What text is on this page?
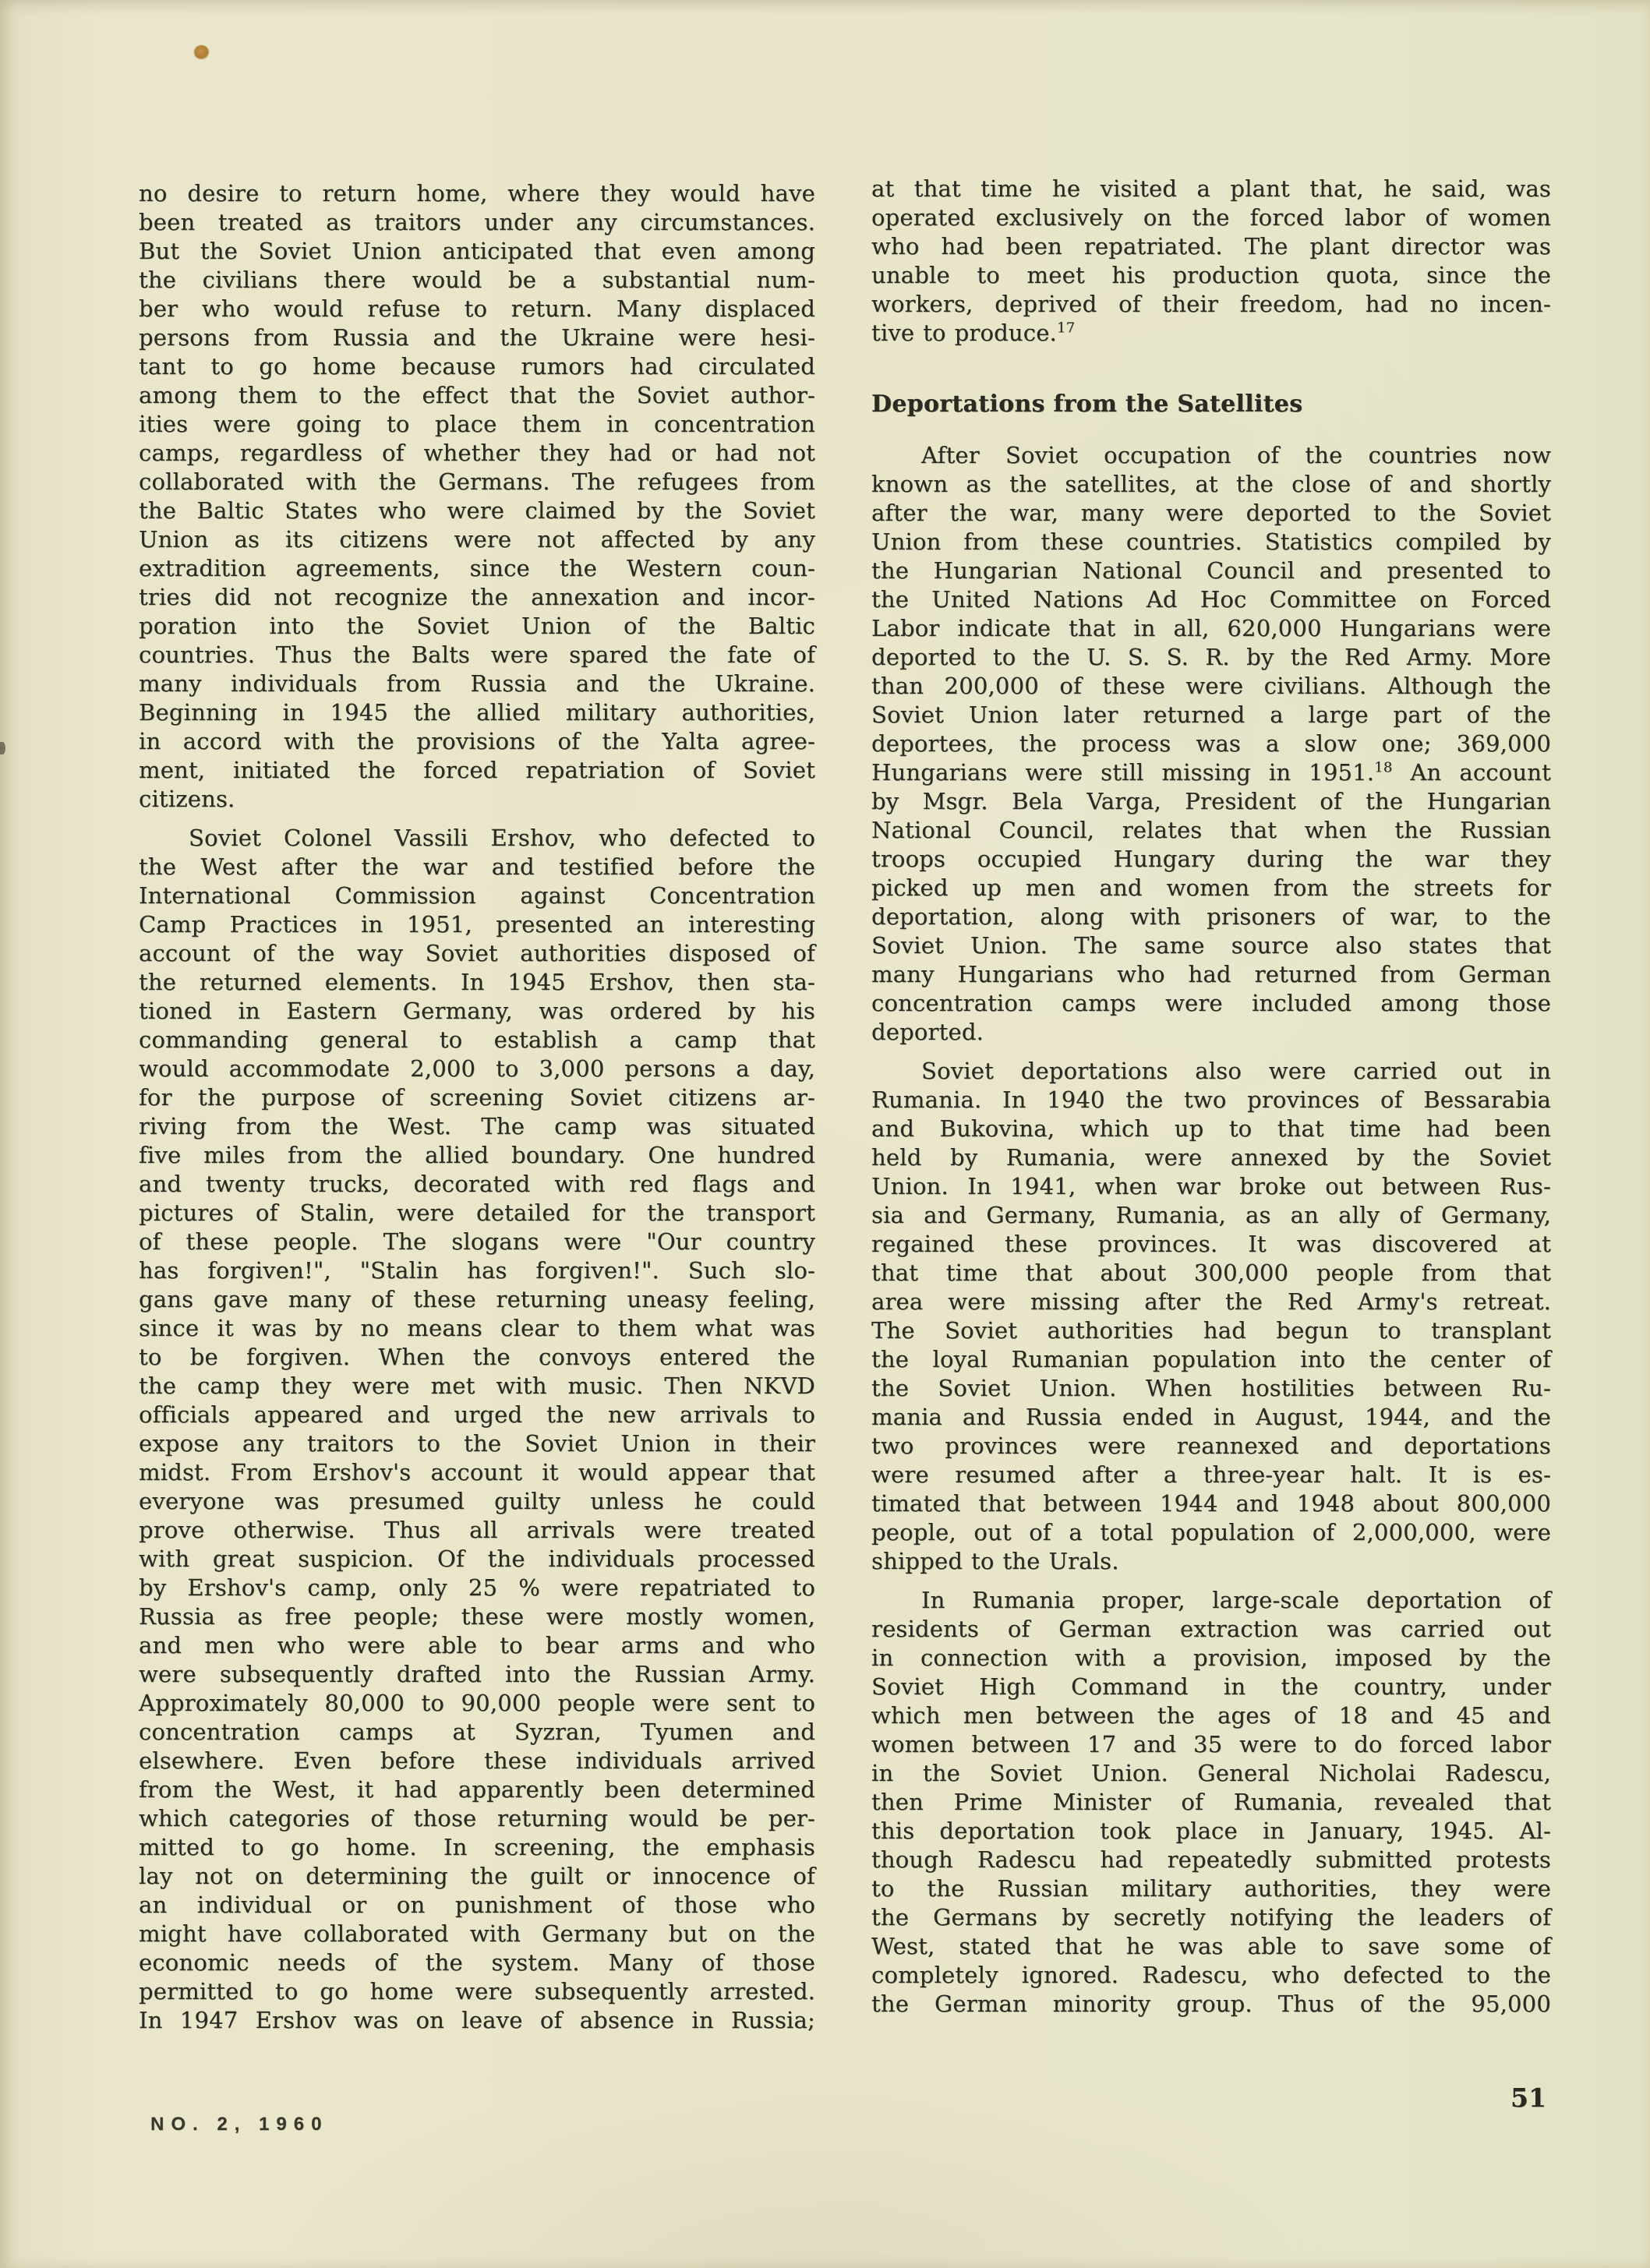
no desire to return home, where they would have
been treated as traitors under any circumstances.
But the Soviet Union anticipated that even among
the civilians there would be a substantial num-
ber who would refuse to return. Many displaced
persons from Russia and the Ukraine were hesi-
tant to go home because rumors had circulated
among them to the effect that the Soviet author-
ities were going to place them in concentration
camps, regardless of whether they had or had not
collaborated with the Germans. The refugees from
the Baltic States who were claimed by the Soviet
Union as its citizens were not affected by any
extradition agreements, since the Western coun-
tries did not recognize the annexation and incor-
poration into the Soviet Union of the Baltic
countries. Thus the Balts were spared the fate of
many individuals from Russia and the Ukraine.
Beginning in 1945 the allied military authorities,
in accord with the provisions of the Yalta agree-
ment, initiated the forced repatriation of Soviet
citizens.
Soviet Colonel Vassili Ershov, who defected to
the West after the war and testified before the
International Commission against Concentration
Camp Practices in 1951, presented an interesting
account of the way Soviet authorities disposed of
the returned elements. In 1945 Ershov, then sta-
tioned in Eastern Germany, was ordered by his
commanding general to establish a camp that
would accommodate 2,000 to 3,000 persons a day,
for the purpose of screening Soviet citizens ar-
riving from the West. The camp was situated
five miles from the allied boundary. One hundred
and twenty trucks, decorated with red flags and
pictures of Stalin, were detailed for the transport
of these people. The slogans were "Our country
has forgiven!", "Stalin has forgiven!". Such slo-
gans gave many of these returning uneasy feeling,
since it was by no means clear to them what was
to be forgiven. When the convoys entered the
the camp they were met with music. Then NKVD
officials appeared and urged the new arrivals to
expose any traitors to the Soviet Union in their
midst. From Ershov's account it would appear that
everyone was presumed guilty unless he could
prove otherwise. Thus all arrivals were treated
with great suspicion. Of the individuals processed
by Ershov's camp, only 25 % were repatriated to
Russia as free people; these were mostly women,
and men who were able to bear arms and who
were subsequently drafted into the Russian Army.
Approximately 80,000 to 90,000 people were sent to
concentration camps at Syzran, Tyumen and
elsewhere. Even before these individuals arrived
from the West, it had apparently been determined
which categories of those returning would be per-
mitted to go home. In screening, the emphasis
lay not on determining the guilt or innocence of
an individual or on punishment of those who
might have collaborated with Germany but on the
economic needs of the system. Many of those
permitted to go home were subsequently arrested.
In 1947 Ershov was on leave of absence in Russia;
at that time he visited a plant that, he said, was
operated exclusively on the forced labor of women
who had been repatriated. The plant director was
unable to meet his production quota, since the
workers, deprived of their freedom, had no incen-
tive to produce.$^{17}$
Deportations from the Satellites
After Soviet occupation of the countries now
known as the satellites, at the close of and shortly
after the war, many were deported to the Soviet
Union from these countries. Statistics compiled by
the Hungarian National Council and presented to
the United Nations Ad Hoc Committee on Forced
Labor indicate that in all, 620,000 Hungarians were
deported to the U. S. S. R. by the Red Army. More
than 200,000 of these were civilians. Although the
Soviet Union later returned a large part of the
deportees, the process was a slow one; 369,000
Hungarians were still missing in 1951.18 An account
by Msgr. Bela Varga, President of the Hungarian
National Council, relates that when the Russian
troops occupied Hungary during the war they
picked up men and women from the streets for
deportation, along with prisoners of war, to the
Soviet Union. The same source also states that
many Hungarians who had returned from German
concentration camps were included among those
deported.
Soviet deportations also were carried out in
Rumania. In 1940 the two provinces of Bessarabia
and Bukovina, which up to that time had been
held by Rumania, were annexed by the Soviet
Union. In 1941, when war broke out between Rus-
sia and Germany, Rumania, as an ally of Germany,
regained these provinces. It was discovered at
that time that about 300,000 people from that
area were missing after the Red Army's retreat.
The Soviet authorities had begun to transplant
the loyal Rumanian population into the center of
the Soviet Union. When hostilities between Ru-
mania and Russia ended in August, 1944, and the
two provinces were reannexed and deportations
were resumed after a three-year halt. It is es-
timated that between 1944 and 1948 about 800,000
people, out of a total population of 2,000,000, were
shipped to the Urals.
In Rumania proper, large-scale deportation of
residents of German extraction was carried out
in connection with a provision, imposed by the
Soviet High Command in the country, under
which men between the ages of 18 and 45 and
women between 17 and 35 were to do forced labor
in the Soviet Union. General Nicholai Radescu,
then Prime Minister of Rumania, revealed that
this deportation took place in January, 1945. Al-
though Radescu had repeatedly submitted protests
to the Russian military authorities, they were
the Germans by secretly notifying the leaders of
West, stated that he was able to save some of
completely ignored. Radescu, who defected to the
the German minority group. Thus of the 95,000
NO. 2, 1960
51
